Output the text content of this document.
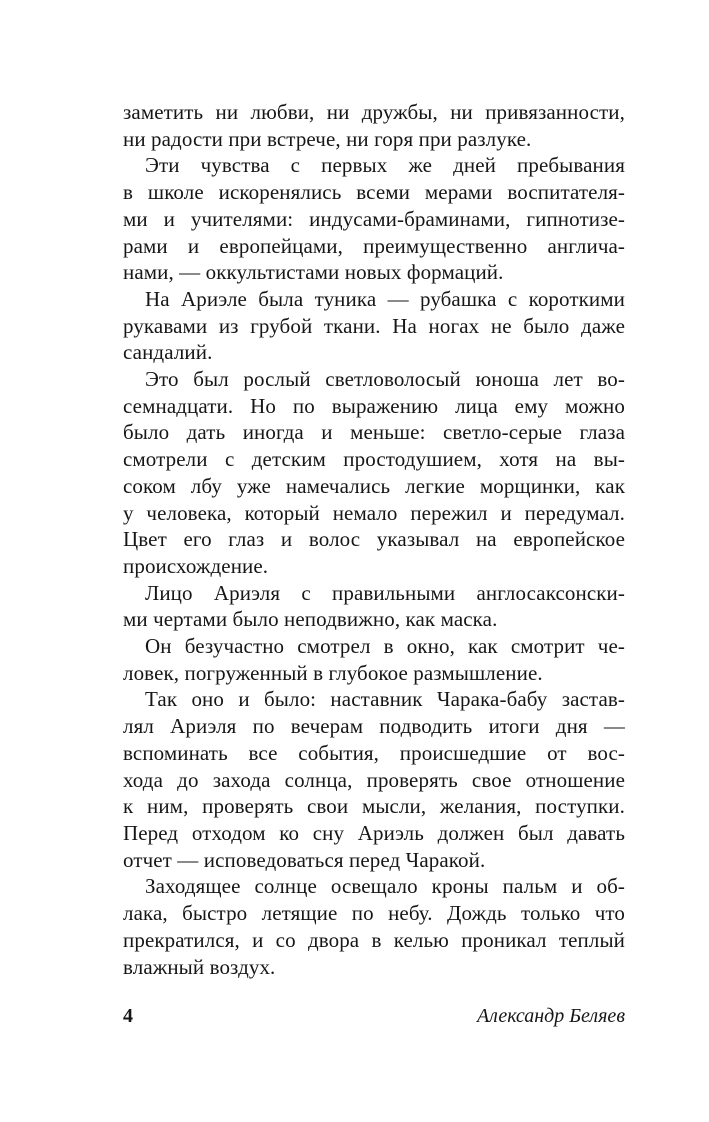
заметить ни любви, ни дружбы, ни привязанности,
ни радости при встрече, ни горя при разлуке.
Эти чувства с первых же дней пребывания
в школе искоренялись всеми мерами воспитателя-
ми и учителями: индусами-браминами, гипнотизе-
рами и европейцами, преимущественно англича-
нами, — оккультистами новых формаций.
На Ариэле была туника — рубашка с короткими
рукавами из грубой ткани. На ногах не было даже
сандалий.
Это был рослый светловолосый юноша лет во-
семнадцати. Но по выражению лица ему можно
было дать иногда и меньше: светло-серые глаза
смотрели с детским простодушием, хотя на вы-
соком лбу уже намечались легкие морщинки, как
у человека, который немало пережил и передумал.
Цвет его глаз и волос указывал на европейское
происхождение.
Лицо Ариэля с правильными англосаксонски-
ми чертами было неподвижно, как маска.
Он безучастно смотрел в окно, как смотрит че-
ловек, погруженный в глубокое размышление.
Так оно и было: наставник Чарака-бабу застав-
лял Ариэля по вечерам подводить итоги дня —
вспоминать все события, происшедшие от вос-
хода до захода солнца, проверять свое отношение
к ним, проверять свои мысли, желания, поступки.
Перед отходом ко сну Ариэль должен был давать
отчет — исповедоваться перед Чаракой.
Заходящее солнце освещало кроны пальм и об-
лака, быстро летящие по небу. Дождь только что
прекратился, и со двора в келью проникал теплый
влажный воздух.
4	Александр Беляев
